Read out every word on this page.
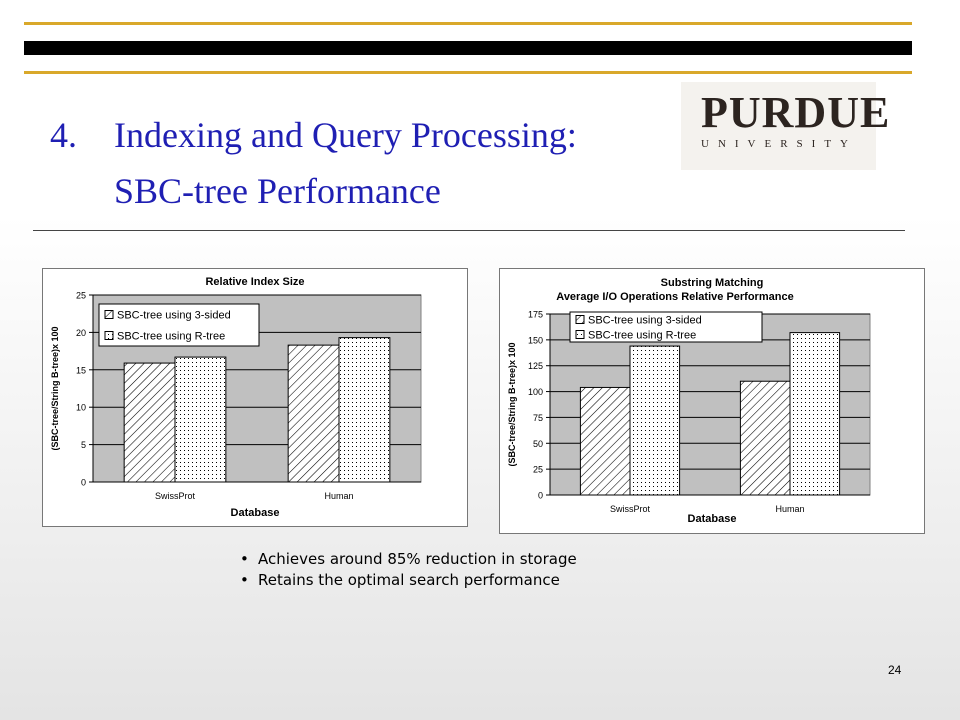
4. Indexing and Query Processing:
SBC-tree Performance
PURDUE
UNIVERSITY
Relative Index Size
0
5
10
15
20
25
SwissProt	Human
Database
(SBC-tree/String B-tree)x 100
SBC-tree using 3-sided
SBC-tree using R-tree
Substring Matching
Average I/O Operations Relative Performance
0
25
50
75
100
125
150
175
SwissProt	Human
Database
(SBC-tree/String B-tree)x 100
SBC-tree using 3-sided
SBC-tree using R-tree
• Achieves around 85% reduction in storage
• Retains the optimal search performance
24
